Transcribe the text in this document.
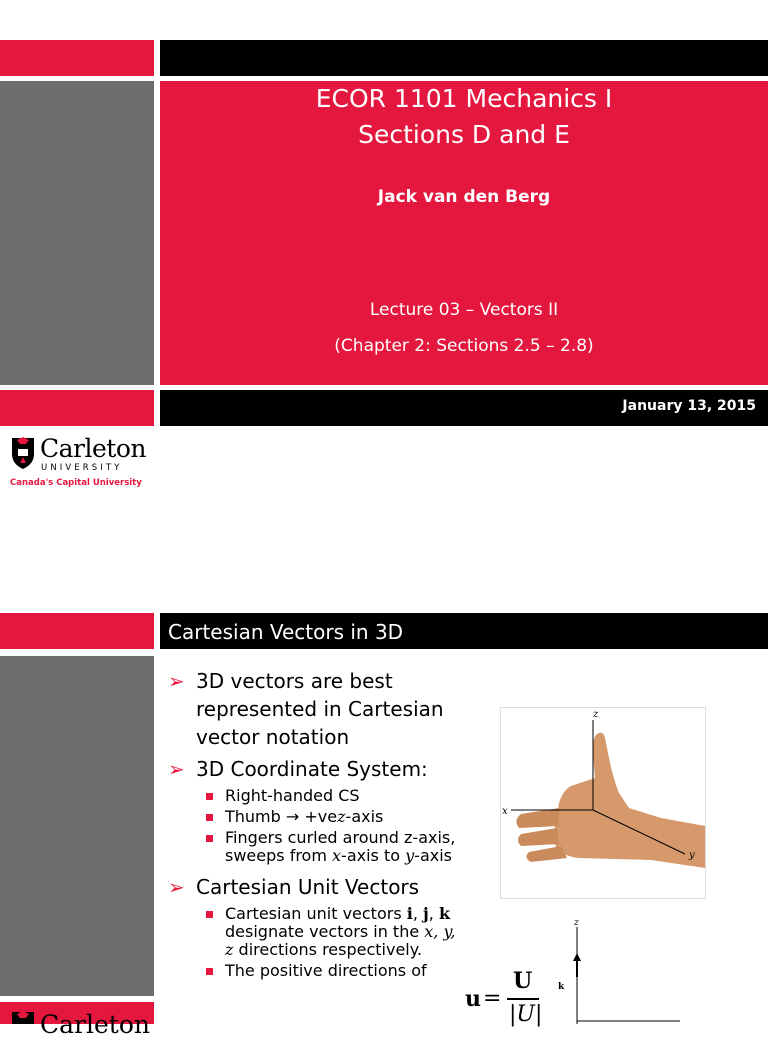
ECOR 1101 Mechanics I
Sections D and E
Jack van den Berg
Lecture 03 – Vectors II
(Chapter 2: Sections 2.5 – 2.8)
January 13, 2015
Carleton
UNIVERSITY
Canada's Capital University
Cartesian Vectors in 3D
Carleton
➢ 3D vectors are best represented in Cartesian vector notation
➢ 3D Coordinate System:
Right-handed CS
Thumb → +vez-axis
Fingers curled around z-axis, sweeps from x-axis to y-axis
➢ Cartesian Unit Vectors
Cartesian unit vectors i, j, k designate vectors in the x, y, z directions respectively.
The positive directions of
z
x
y
z
k
u =
U
|U|
